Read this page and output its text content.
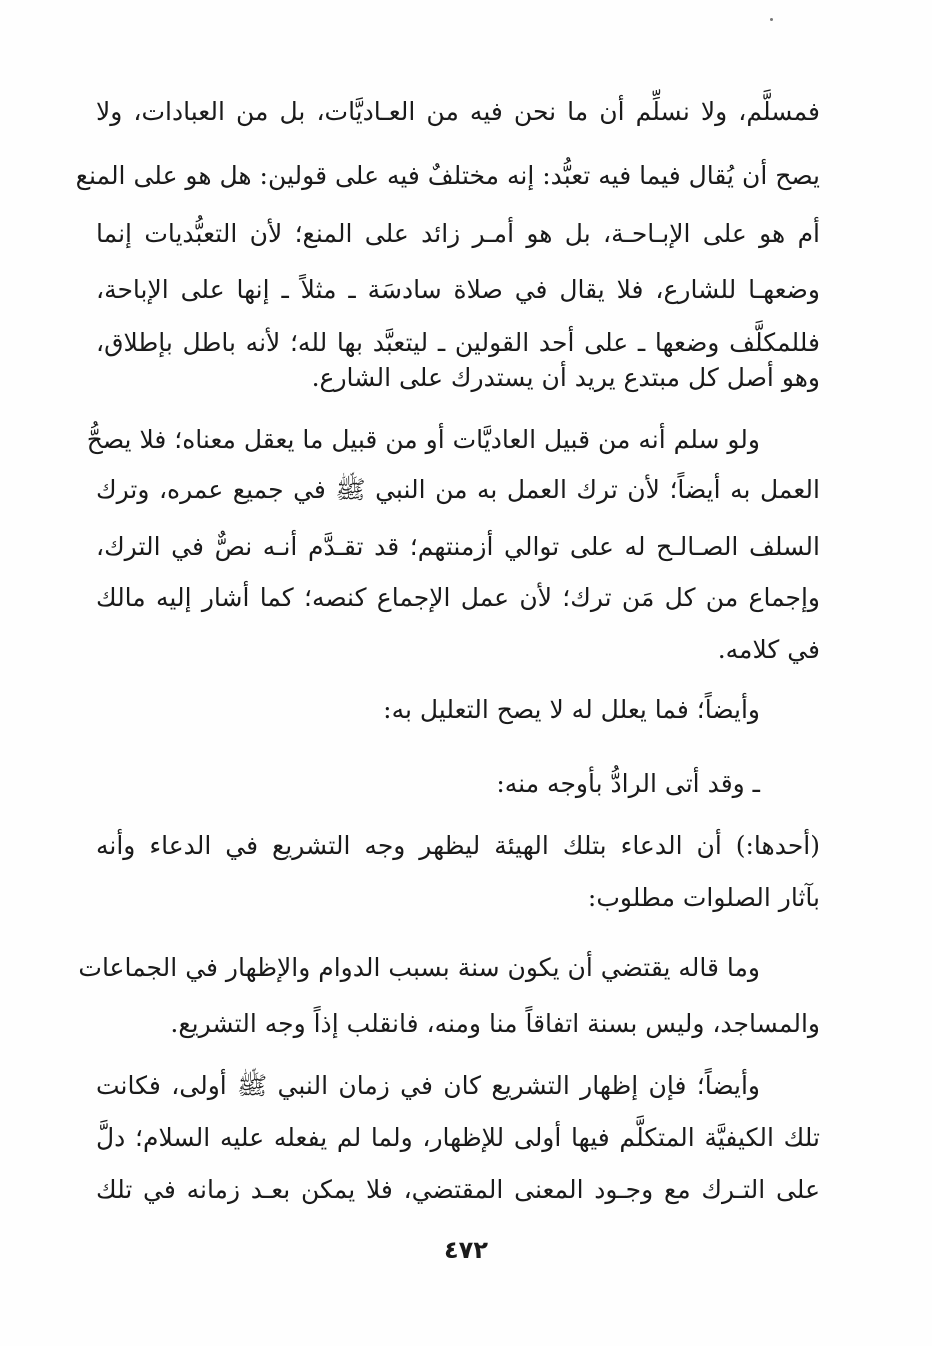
فمسلَّم، ولا نسلِّم أن ما نحن فيه من العـاديَّات، بل من العبادات، ولا
يصح أن يُقال فيما فيه تعبُّد: إنه مختلفٌ فيه على قولين: هل هو على المنع
أم هو على الإبـاحـة، بل هو أمـر زائد على المنع؛ لأن التعبُّديات إنما
وضعهـا للشارع، فلا يقال في صلاة سادسَة ـ مثلاً ـ إنها على الإباحة،
فللمكلَّف وضعها ـ على أحد القولين ـ ليتعبَّد بها لله؛ لأنه باطل بإطلاق،
وهو أصل كل مبتدع يريد أن يستدرك على الشارع.
ولو سلم أنه من قبيل العاديَّات أو من قبيل ما يعقل معناه؛ فلا يصحُّ
العمل به أيضاً؛ لأن ترك العمل به من النبي ﷺ في جميع عمره، وترك
السلف الصـالـح له على توالي أزمنتهم؛ قد تقـدَّم أنـه نصٌّ في الترك،
وإجماع من كل مَن ترك؛ لأن عمل الإجماع كنصه؛ كما أشار إليه مالك
في كلامه.
وأيضاً؛ فما يعلل له لا يصح التعليل به:
ـ وقد أتى الرادُّ بأوجه منه:
(أحدها:) أن الدعاء بتلك الهيئة ليظهر وجه التشريع في الدعاء وأنه
بآثار الصلوات مطلوب:
وما قاله يقتضي أن يكون سنة بسبب الدوام والإظهار في الجماعات
والمساجد، وليس بسنة اتفاقاً منا ومنه، فانقلب إذاً وجه التشريع.
وأيضاً؛ فإن إظهار التشريع كان في زمان النبي ﷺ أولى، فكانت
تلك الكيفيَّة المتكلَّم فيها أولى للإظهار، ولما لم يفعله عليه السلام؛ دلَّ
على التـرك مع وجـود المعنى المقتضي، فلا يمكن بعـد زمانه في تلك
٤٧٢
